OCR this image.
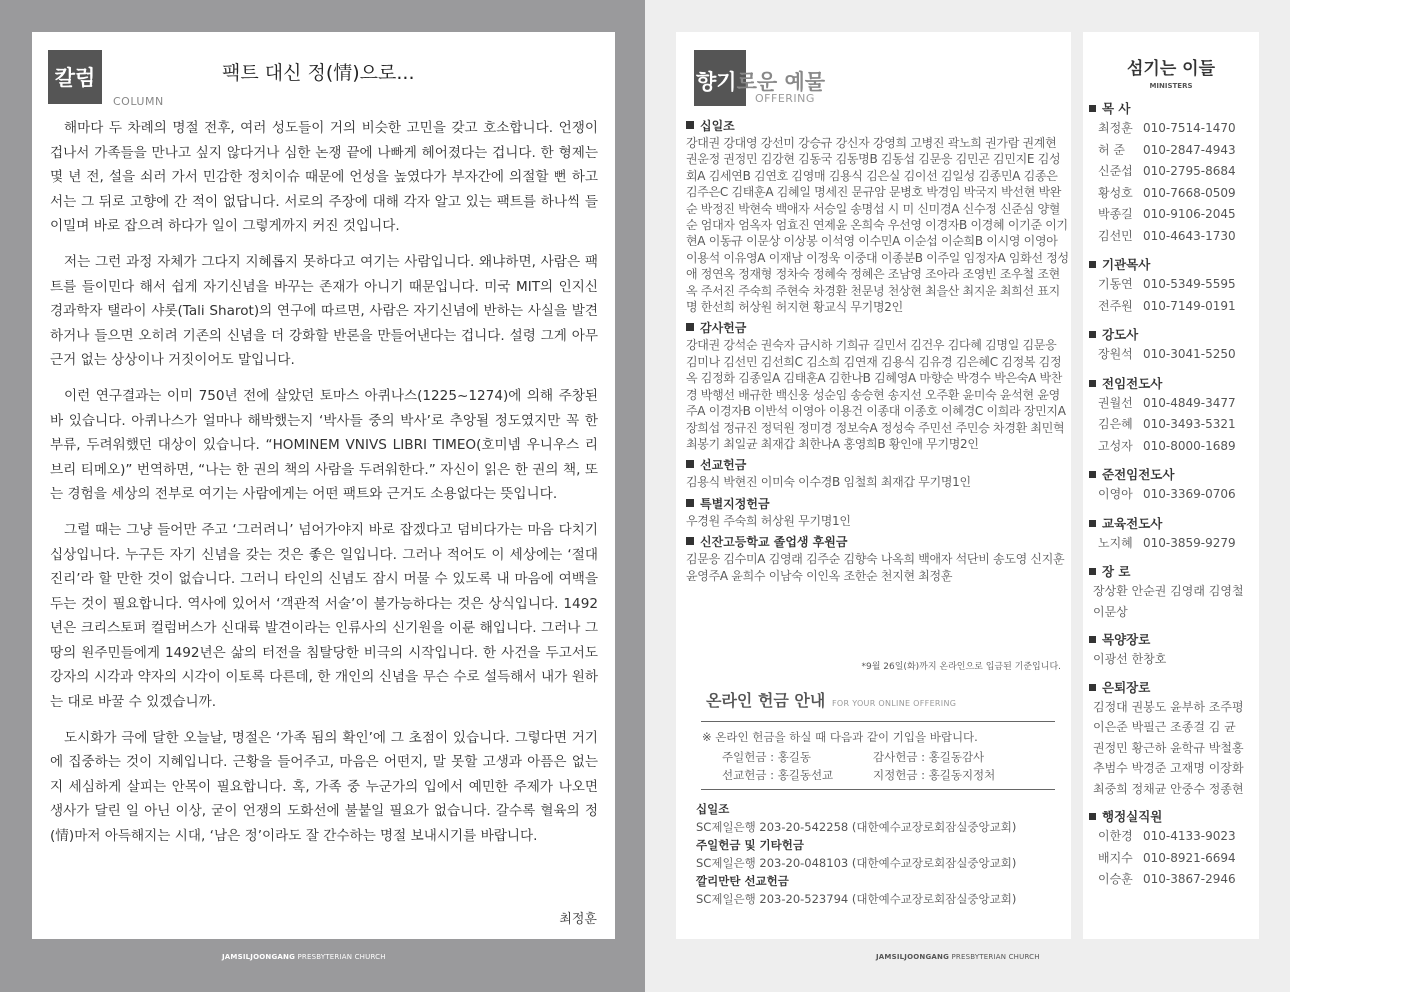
칼럼
COLUMN
팩트 대신 정(情)으로...

해마다 두 차례의 명절 전후, 여러 성도들이 거의 비슷한 고민을 갖고 호소합니다. 언쟁이 겁나서 가족들을 만나고 싶지 않다거나 심한 논쟁 끝에 나빠게 헤어졌다는 겁니다. 한 형제는 몇 년 전, 설을 쇠러 가서 민감한 정치이슈 때문에 언성을 높였다가 부자간에 의절할 뻔 하고서는 그 뒤로 고향에 간 적이 없답니다. 서로의 주장에 대해 각자 알고 있는 팩트를 하나씩 들이밀며 바로 잡으려 하다가 일이 그렇게까지 커진 것입니다.

저는 그런 과정 자체가 그다지 지혜롭지 못하다고 여기는 사람입니다. 왜냐하면, 사람은 팩트를 들이민다 해서 쉽게 자기신념을 바꾸는 존재가 아니기 때문입니다. 미국 MIT의 인지신경과학자 탤라이 샤롯(Tali Sharot)의 연구에 따르면, 사람은 자기신념에 반하는 사실을 발견하거나 들으면 오히려 기존의 신념을 더 강화할 반론을 만들어낸다는 겁니다. 설령 그게 아무 근거 없는 상상이나 거짓이어도 말입니다.

이런 연구결과는 이미 750년 전에 살았던 토마스 아퀴나스(1225~1274)에 의해 주창된 바 있습니다. 아퀴나스가 얼마나 해박했는지 ‘박사들 중의 박사’로 추앙될 정도였지만 꼭 한 부류, 두려워했던 대상이 있습니다. “HOMINEM VNIVS LIBRI TIMEO(호미넴 우니우스 리브리 티메오)” 번역하면, “나는 한 권의 책의 사람을 두려워한다.” 자신이 읽은 한 권의 책, 또는 경험을 세상의 전부로 여기는 사람에게는 어떤 팩트와 근거도 소용없다는 뜻입니다.

그럴 때는 그냥 들어만 주고 ‘그러려니’ 넘어가야지 바로 잡겠다고 덤비다가는 마음 다치기 십상입니다. 누구든 자기 신념을 갖는 것은 좋은 일입니다. 그러나 적어도 이 세상에는 ‘절대진리’라 할 만한 것이 없습니다. 그러니 타인의 신념도 잠시 머물 수 있도록 내 마음에 여백을 두는 것이 필요합니다. 역사에 있어서 ‘객관적 서술’이 불가능하다는 것은 상식입니다. 1492년은 크리스토퍼 컬럼버스가 신대륙 발견이라는 인류사의 신기원을 이룬 해입니다. 그러나 그 땅의 원주민들에게 1492년은 삶의 터전을 침탈당한 비극의 시작입니다. 한 사건을 두고서도 강자의 시각과 약자의 시각이 이토록 다른데, 한 개인의 신념을 무슨 수로 설득해서 내가 원하는 대로 바꿀 수 있겠습니까.

도시화가 극에 달한 오늘날, 명절은 ‘가족 됨의 확인’에 그 초점이 있습니다. 그렇다면 거기에 집중하는 것이 지혜입니다. 근황을 들어주고, 마음은 어떤지, 말 못할 고생과 아픔은 없는지 세심하게 살피는 안목이 필요합니다. 혹, 가족 중 누군가의 입에서 예민한 주제가 나오면 생사가 달린 일 아닌 이상, 굳이 언쟁의 도화선에 불붙일 필요가 없습니다. 갈수록 혈육의 정(情)마저 아득해지는 시대, ‘남은 정’이라도 잘 간수하는 명절 보내시기를 바랍니다.

최정훈
JAMSILJOONGANG PRESBYTERIAN CHURCH
향기로운 예물
OFFERING
십일조
강대권 강대영 강선미 강승규 강신자 강영희 고병진 곽노희 권가람 권계현 권운정 권정민 김강현 김동국 김동명B 김동섭 김문응 김민곤 김민지E 김성회A 김세연B 김연호 김영매 김용식 김은실 김이선 김일성 김종민A 김종은 김주은C 김태훈A 김혜일 명세진 문규암 문병호 박경임 박국지 박선현 박완순 박정진 박현숙 백애자 서승일 송명섭 시 미 신미경A 신수정 신준심 양혈순 엄대자 엄옥자 엄효진 연제윤 온희숙 우선영 이경자B 이경혜 이기준 이기현A 이동규 이문상 이상봉 이석영 이수민A 이순섭 이순희B 이시영 이영아 이용석 이유영A 이재남 이정욱 이중대 이종분B 이주일 임정자A 임화선 정성애 정연옥 정재형 정차숙 정혜숙 정혜은 조남영 조아라 조영빈 조우철 조현옥 주서진 주숙희 주현숙 차경환 천문녕 천상현 최을산 최지운 최희선 표지명 한선희 허상원 허지현 황교식 무기명2인
감사헌금
강대권 강석순 권숙자 금시하 기희규 길민서 김건우 김다혜 김명일 김문응 김미나 김선민 김선희C 김소희 김연재 김용식 김유경 김은혜C 김정복 김정옥 김정화 김종일A 김태훈A 김한나B 김혜영A 마향순 박경수 박은숙A 박찬경 박행선 배규한 백신웅 성순임 송승현 송지선 오주환 윤미숙 윤석현 윤영주A 이경자B 이반석 이영아 이용건 이종대 이종호 이혜경C 이희라 장민지A 장희섭 정규진 정덕원 정미경 정보숙A 정성숙 주민선 주민승 차경환 최민혁 최봉기 최일균 최재갑 최한나A 홍영희B 황인애 무기명2인
선교헌금
김용식 박현진 이미숙 이수경B 임철희 최재갑 무기명1인
특별지정헌금
우경원 주숙희 허상원 무기명1인
신잔고등학교 졸업생 후원금
김문응 김수미A 김영래 김주순 김향숙 나옥희 백애자 석단비 송도영 신지훈 윤영주A 윤희수 이남숙 이인옥 조한순 천지현 최정훈
*9월 26일(화)까지 온라인으로 입금된 기준입니다.
온라인 헌금 안내 FOR YOUR ONLINE OFFERING
※ 온라인 헌금을 하실 때 다음과 같이 기입을 바랍니다.
주일헌금 : 홍길동	감사헌금 : 홍길동감사
선교헌금 : 홍길동선교	지정헌금 : 홍길동지정처
십일조
SC제일은행 203-20-542258 (대한예수교장로회잠실중앙교회)
주일헌금 및 기타헌금
SC제일은행 203-20-048103 (대한예수교장로회잠실중앙교회)
깔리만탄 선교헌금
SC제일은행 203-20-523794 (대한예수교장로회잠실중앙교회)
섬기는 이들
MINISTERS
목 사
최정훈 010-7514-1470
허 준 010-2847-4943
신준섭 010-2795-8684
황성호 010-7668-0509
박종길 010-9106-2045
김선민 010-4643-1730
기관목사
기동연 010-5349-5595
전주원 010-7149-0191
강도사
장원석 010-3041-5250
전임전도사
권월선 010-4849-3477
김은혜 010-3493-5321
고성자 010-8000-1689
준전임전도사
이영아 010-3369-0706
교육전도사
노지혜 010-3859-9279
장 로
장상환 안순권 김영래 김영철
이문상
목양장로
이광선 한창호
은퇴장로
김정대 권봉도 윤부하 조주평
이은준 박필근 조종걸 김 균
권정민 황근하 윤학규 박철홍
추범수 박경준 고재명 이장화
최중희 정채균 안중수 정종현
행정실직원
이한경 010-4133-9023
배지수 010-8921-6694
이승훈 010-3867-2946
JAMSILJOONGANG PRESBYTERIAN CHURCH
